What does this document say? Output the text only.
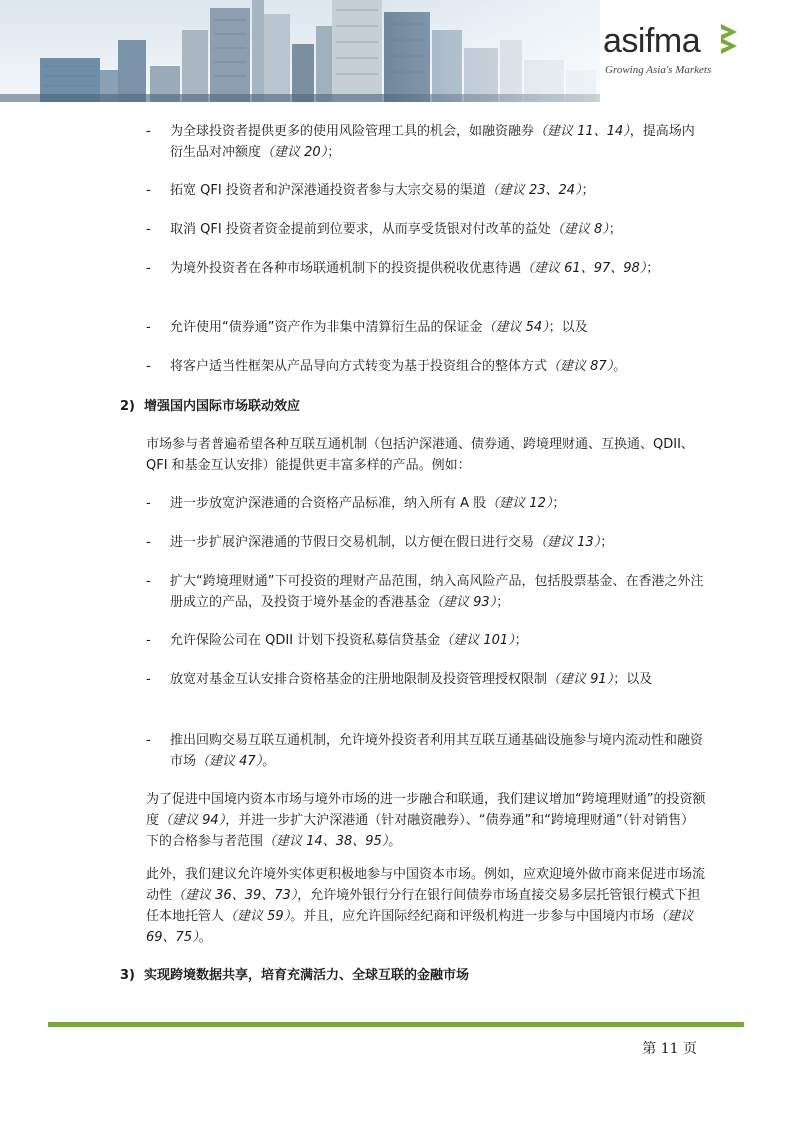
asifma
Growing Asia's Markets
- 为全球投资者提供更多的使用风险管理工具的机会，如融资融券（建议 11、14），提高场内衍生品对冲额度（建议 20）；
- 拓宽 QFI 投资者和沪深港通投资者参与大宗交易的渠道（建议 23、24）；
- 取消 QFI 投资者资金提前到位要求，从而享受货银对付改革的益处（建议 8）；
- 为境外投资者在各种市场联通机制下的投资提供税收优惠待遇（建议 61、97、98）；
- 允许使用“债券通”资产作为非集中清算衍生品的保证金（建议 54）；以及
- 将客户适当性框架从产品导向方式转变为基于投资组合的整体方式（建议 87）。
2) 增强国内国际市场联动效应
市场参与者普遍希望各种互联互通机制（包括沪深港通、债券通、跨境理财通、互换通、QDII、QFI 和基金互认安排）能提供更丰富多样的产品。例如：
- 进一步放宽沪深港通的合资格产品标准，纳入所有 A 股（建议 12）；
- 进一步扩展沪深港通的节假日交易机制，以方便在假日进行交易（建议 13）；
- 扩大“跨境理财通”下可投资的理财产品范围，纳入高风险产品，包括股票基金、在香港之外注册成立的产品，及投资于境外基金的香港基金（建议 93）；
- 允许保险公司在 QDII 计划下投资私募信贷基金（建议 101）；
- 放宽对基金互认安排合资格基金的注册地限制及投资管理授权限制（建议 91）；以及
- 推出回购交易互联互通机制，允许境外投资者利用其互联互通基础设施参与境内流动性和融资市场（建议 47）。
为了促进中国境内资本市场与境外市场的进一步融合和联通，我们建议增加“跨境理财通”的投资额度（建议 94），并进一步扩大沪深港通（针对融资融券）、“债券通”和“跨境理财通”（针对销售）下的合格参与者范围（建议 14、38、95）。
此外，我们建议允许境外实体更积极地参与中国资本市场。例如，应欢迎境外做市商来促进市场流动性（建议 36、39、73），允许境外银行分行在银行间债券市场直接交易多层托管银行模式下担任本地托管人（建议 59）。并且，应允许国际经纪商和评级机构进一步参与中国境内市场（建议 69、75）。
3) 实现跨境数据共享，培育充满活力、全球互联的金融市场
第 11 页
